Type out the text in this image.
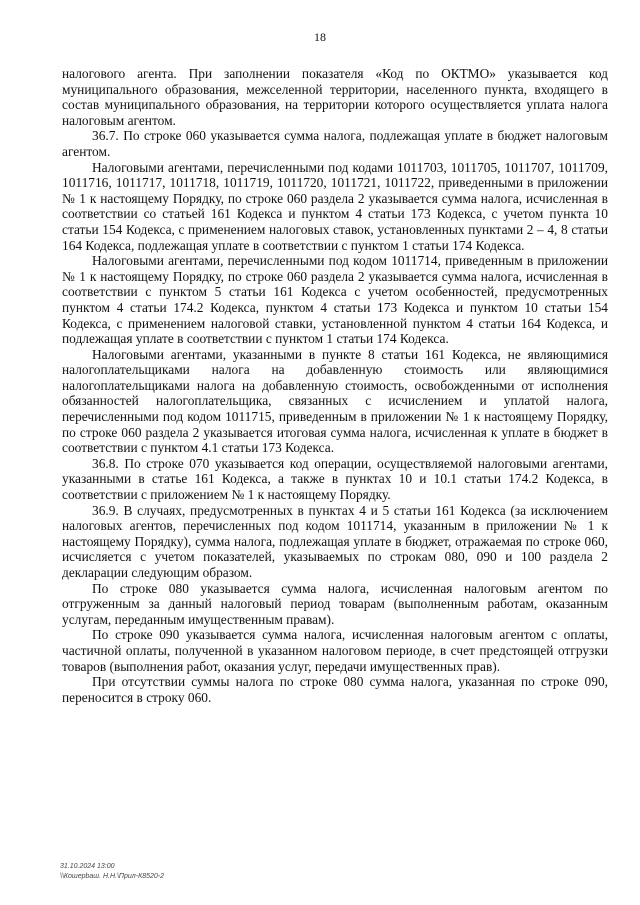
18

налогового агента. При заполнении показателя «Код по ОКТМО» указывается код муниципального образования, межселенной территории, населенного пункта, входящего в состав муниципального образования, на территории которого осуществляется уплата налога налоговым агентом.

36.7. По строке 060 указывается сумма налога, подлежащая уплате в бюджет налоговым агентом.

Налоговыми агентами, перечисленными под кодами 1011703, 1011705, 1011707, 1011709, 1011716, 1011717, 1011718, 1011719, 1011720, 1011721, 1011722, приведенными в приложении № 1 к настоящему Порядку, по строке 060 раздела 2 указывается сумма налога, исчисленная в соответствии со статьей 161 Кодекса и пунктом 4 статьи 173 Кодекса, с учетом пункта 10 статьи 154 Кодекса, с применением налоговых ставок, установленных пунктами 2 – 4, 8 статьи 164 Кодекса, подлежащая уплате в соответствии с пунктом 1 статьи 174 Кодекса.

Налоговыми агентами, перечисленными под кодом 1011714, приведенным в приложении № 1 к настоящему Порядку, по строке 060 раздела 2 указывается сумма налога, исчисленная в соответствии с пунктом 5 статьи 161 Кодекса с учетом особенностей, предусмотренных пунктом 4 статьи 174.2 Кодекса, пунктом 4 статьи 173 Кодекса и пунктом 10 статьи 154 Кодекса, с применением налоговой ставки, установленной пунктом 4 статьи 164 Кодекса, и подлежащая уплате в соответствии с пунктом 1 статьи 174 Кодекса.

Налоговыми агентами, указанными в пункте 8 статьи 161 Кодекса, не являющимися налогоплательщиками налога на добавленную стоимость или являющимися налогоплательщиками налога на добавленную стоимость, освобожденными от исполнения обязанностей налогоплательщика, связанных с исчислением и уплатой налога, перечисленными под кодом 1011715, приведенным в приложении № 1 к настоящему Порядку, по строке 060 раздела 2 указывается итоговая сумма налога, исчисленная к уплате в бюджет в соответствии с пунктом 4.1 статьи 173 Кодекса.

36.8. По строке 070 указывается код операции, осуществляемой налоговыми агентами, указанными в статье 161 Кодекса, а также в пунктах 10 и 10.1 статьи 174.2 Кодекса, в соответствии с приложением № 1 к настоящему Порядку.

36.9. В случаях, предусмотренных в пунктах 4 и 5 статьи 161 Кодекса (за исключением налоговых агентов, перечисленных под кодом 1011714, указанным в приложении № 1 к настоящему Порядку), сумма налога, подлежащая уплате в бюджет, отражаемая по строке 060, исчисляется с учетом показателей, указываемых по строкам 080, 090 и 100 раздела 2 декларации следующим образом.

По строке 080 указывается сумма налога, исчисленная налоговым агентом по отгруженным за данный налоговый период товарам (выполненным работам, оказанным услугам, переданным имущественным правам).

По строке 090 указывается сумма налога, исчисленная налоговым агентом с оплаты, частичной оплаты, полученной в указанном налоговом периоде, в счет предстоящей отгрузки товаров (выполнения работ, оказания услуг, передачи имущественных прав).

При отсутствии суммы налога по строке 080 сумма налога, указанная по строке 090, переносится в строку 060.

31.10.2024 13:00
\\Кошерbaш. Н.Н.\Прил-К8520-2
